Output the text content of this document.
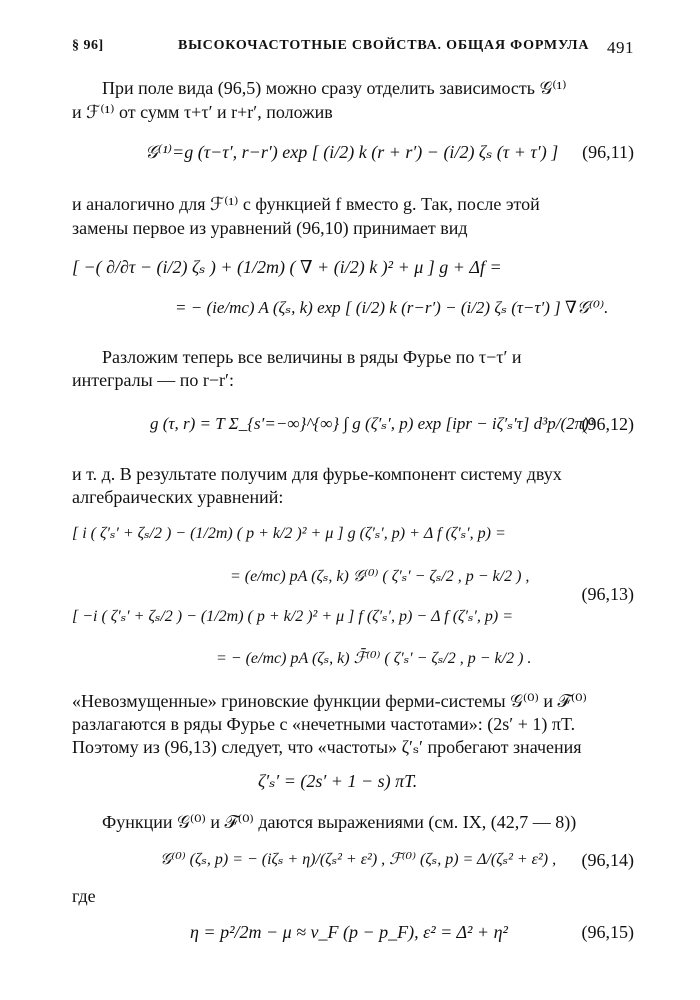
§ 96]	ВЫСОКОЧАСТОТНЫЕ СВОЙСТВА. ОБЩАЯ ФОРМУЛА 491
При поле вида (96,5) можно сразу отделить зависимость 𝒢⁽¹⁾
и ℱ⁽¹⁾ от сумм τ+τ′ и r+r′, положив
𝒢⁽¹⁾=g (τ−τ′, r−r′) exp [ (i/2) k (r + r′) − (i/2) ζₛ (τ + τ′) ] (96,11)
и аналогично для ℱ⁽¹⁾ с функцией f вместо g. Так, после этой
замены первое из уравнений (96,10) принимает вид
[ −( ∂/∂τ − (i/2) ζₛ ) + (1/2m) ( ∇ + (i/2) k )² + μ ] g + Δf =
= − (ie/mc) A (ζₛ, k) exp [ (i/2) k (r−r′) − (i/2) ζₛ (τ−τ′) ] ∇𝒢⁽⁰⁾.
Разложим теперь все величины в ряды Фурье по τ−τ′ и
интегралы — по r−r′:
g (τ, r) = T Σ_{s′=−∞}^{∞} ∫ g (ζ′ₛ′, p) exp [ipr − iζ′ₛ′τ] d³p/(2π)³
(96,12)
и т. д. В результате получим для фурье-компонент систему двух
алгебраических уравнений:
[ i ( ζ′ₛ′ + ζₛ/2 ) − (1/2m) ( p + k/2 )² + μ ] g (ζ′ₛ′, p) + Δ f (ζ′ₛ′, p) =
= (e/mc) pA (ζₛ, k) 𝒢⁽⁰⁾ ( ζ′ₛ′ − ζₛ/2 , p − k/2 ) ,
[ −i ( ζ′ₛ′ + ζₛ/2 ) − (1/2m) ( p + k/2 )² + μ ] f (ζ′ₛ′, p) − Δ f (ζ′ₛ′, p) =
(96,13)
= − (e/mc) pA (ζₛ, k) ℱ̄⁽⁰⁾ ( ζ′ₛ′ − ζₛ/2 , p − k/2 ) .
«Невозмущенные» гриновские функции ферми-системы 𝒢⁽⁰⁾ и ℱ⁽⁰⁾
разлагаются в ряды Фурье с «нечетными частотами»: (2s′ + 1) πT.
Поэтому из (96,13) следует, что «частоты» ζ′ₛ′ пробегают значения
ζ′ₛ′ = (2s′ + 1 − s) πT.
Функции 𝒢⁽⁰⁾ и ℱ⁽⁰⁾ даются выражениями (см. IX, (42,7 — 8))
𝒢⁽⁰⁾ (ζₛ, p) = − (iζₛ + η)/(ζₛ² + ε²) , ℱ⁽⁰⁾ (ζₛ, p) = Δ/(ζₛ² + ε²) , (96,14)
где
η = p²/2m − μ ≈ v_F (p − p_F), ε² = Δ² + η²	(96,15)
